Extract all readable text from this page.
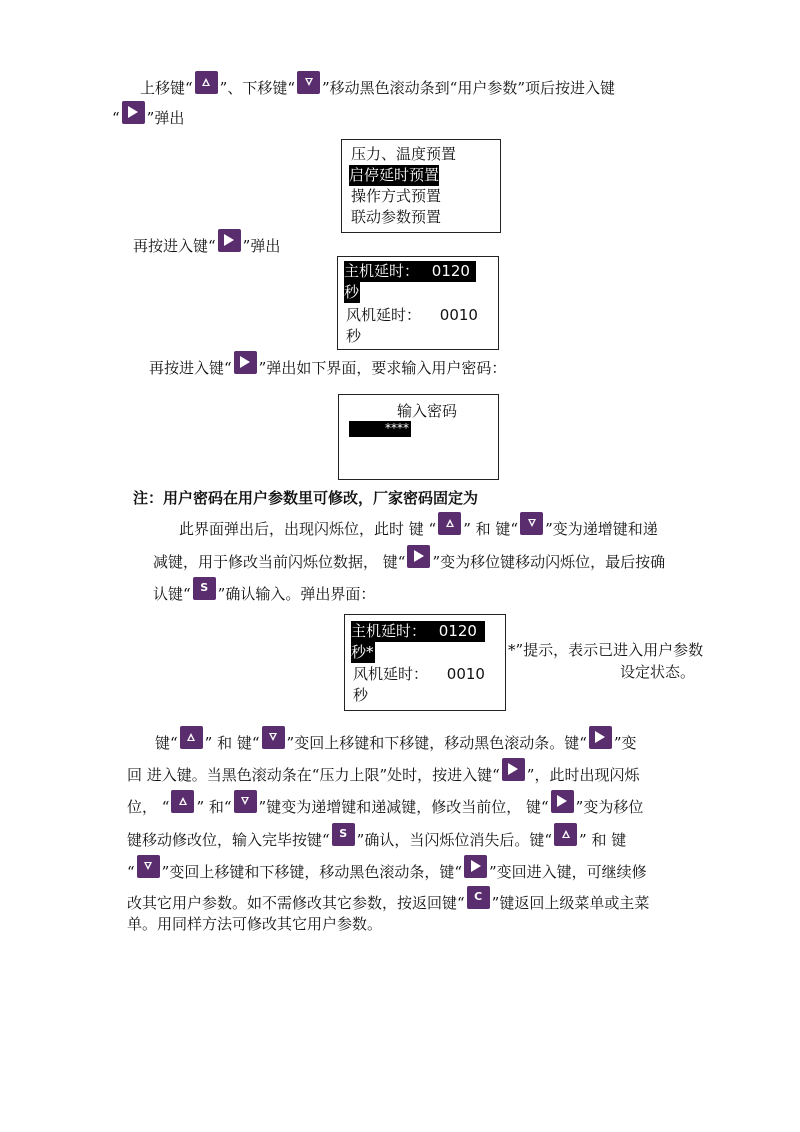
上移键“ ”、下移键“ ”移动黑色滚动条到“用户参数”项后按进入键
“ ”弹出
压力、温度预置
启停延时预置
操作方式预置
联动参数预置
再按进入键“ ”弹出
主机延时： 0120
秒
风机延时： 0010
秒
再按进入键“ ”弹出如下界面，要求输入用户密码：
输入密码
****
注：用户密码在用户参数里可修改，厂家密码固定为
此界面弹出后，出现闪烁位，此时 键 “ ” 和 键“ ”变为递增键和递
减键，用于修改当前闪烁位数据， 键“ ”变为移位键移动闪烁位，最后按确
认键“ S ”确认输入。弹出界面：
主机延时： 0120
秒*
风机延时： 0010
秒
*”提示，表示已进入用户参数
设定状态。
键“ ” 和 键“ ”变回上移键和下移键，移动黑色滚动条。键“ ”变
回 进入键。当黑色滚动条在“压力上限”处时，按进入键“ ”，此时出现闪烁
位， “ ” 和“ ”键变为递增键和递减键，修改当前位， 键“ ”变为移位
键移动修改位，输入完毕按键“ S ”确认，当闪烁位消失后。键“ ” 和 键
“ ”变回上移键和下移键，移动黑色滚动条，键“ ”变回进入键，可继续修
改其它用户参数。如不需修改其它参数，按返回键“ C ”键返回上级菜单或主菜
单。用同样方法可修改其它用户参数。
